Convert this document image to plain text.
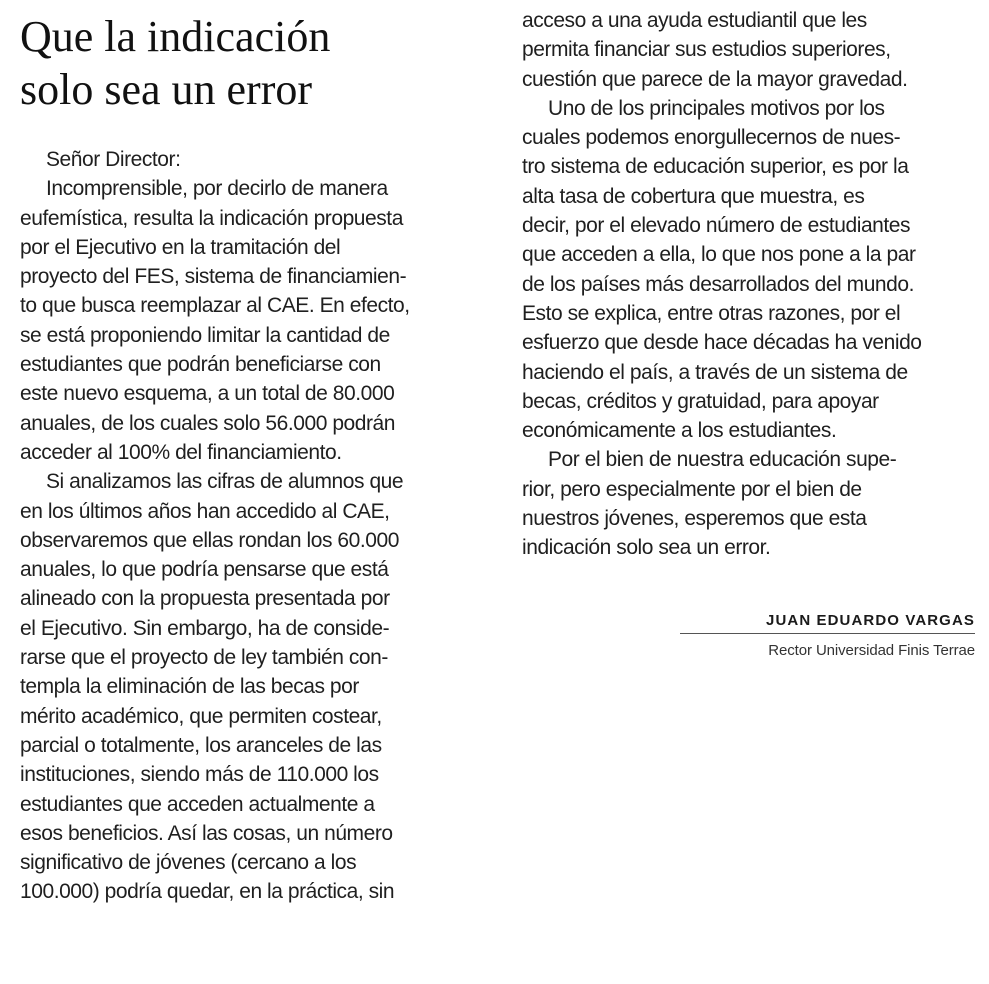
Que la indicación
solo sea un error
Señor Director:
Incomprensible, por decirlo de manera
eufemística, resulta la indicación propuesta
por el Ejecutivo en la tramitación del
proyecto del FES, sistema de financiamien-
to que busca reemplazar al CAE. En efecto,
se está proponiendo limitar la cantidad de
estudiantes que podrán beneficiarse con
este nuevo esquema, a un total de 80.000
anuales, de los cuales solo 56.000 podrán
acceder al 100% del financiamiento.
Si analizamos las cifras de alumnos que
en los últimos años han accedido al CAE,
observaremos que ellas rondan los 60.000
anuales, lo que podría pensarse que está
alineado con la propuesta presentada por
el Ejecutivo. Sin embargo, ha de conside-
rarse que el proyecto de ley también con-
templa la eliminación de las becas por
mérito académico, que permiten costear,
parcial o totalmente, los aranceles de las
instituciones, siendo más de 110.000 los
estudiantes que acceden actualmente a
esos beneficios. Así las cosas, un número
significativo de jóvenes (cercano a los
100.000) podría quedar, en la práctica, sin
acceso a una ayuda estudiantil que les
permita financiar sus estudios superiores,
cuestión que parece de la mayor gravedad.
Uno de los principales motivos por los
cuales podemos enorgullecernos de nues-
tro sistema de educación superior, es por la
alta tasa de cobertura que muestra, es
decir, por el elevado número de estudiantes
que acceden a ella, lo que nos pone a la par
de los países más desarrollados del mundo.
Esto se explica, entre otras razones, por el
esfuerzo que desde hace décadas ha venido
haciendo el país, a través de un sistema de
becas, créditos y gratuidad, para apoyar
económicamente a los estudiantes.
Por el bien de nuestra educación supe-
rior, pero especialmente por el bien de
nuestros jóvenes, esperemos que esta
indicación solo sea un error.
JUAN EDUARDO VARGAS
Rector Universidad Finis Terrae
